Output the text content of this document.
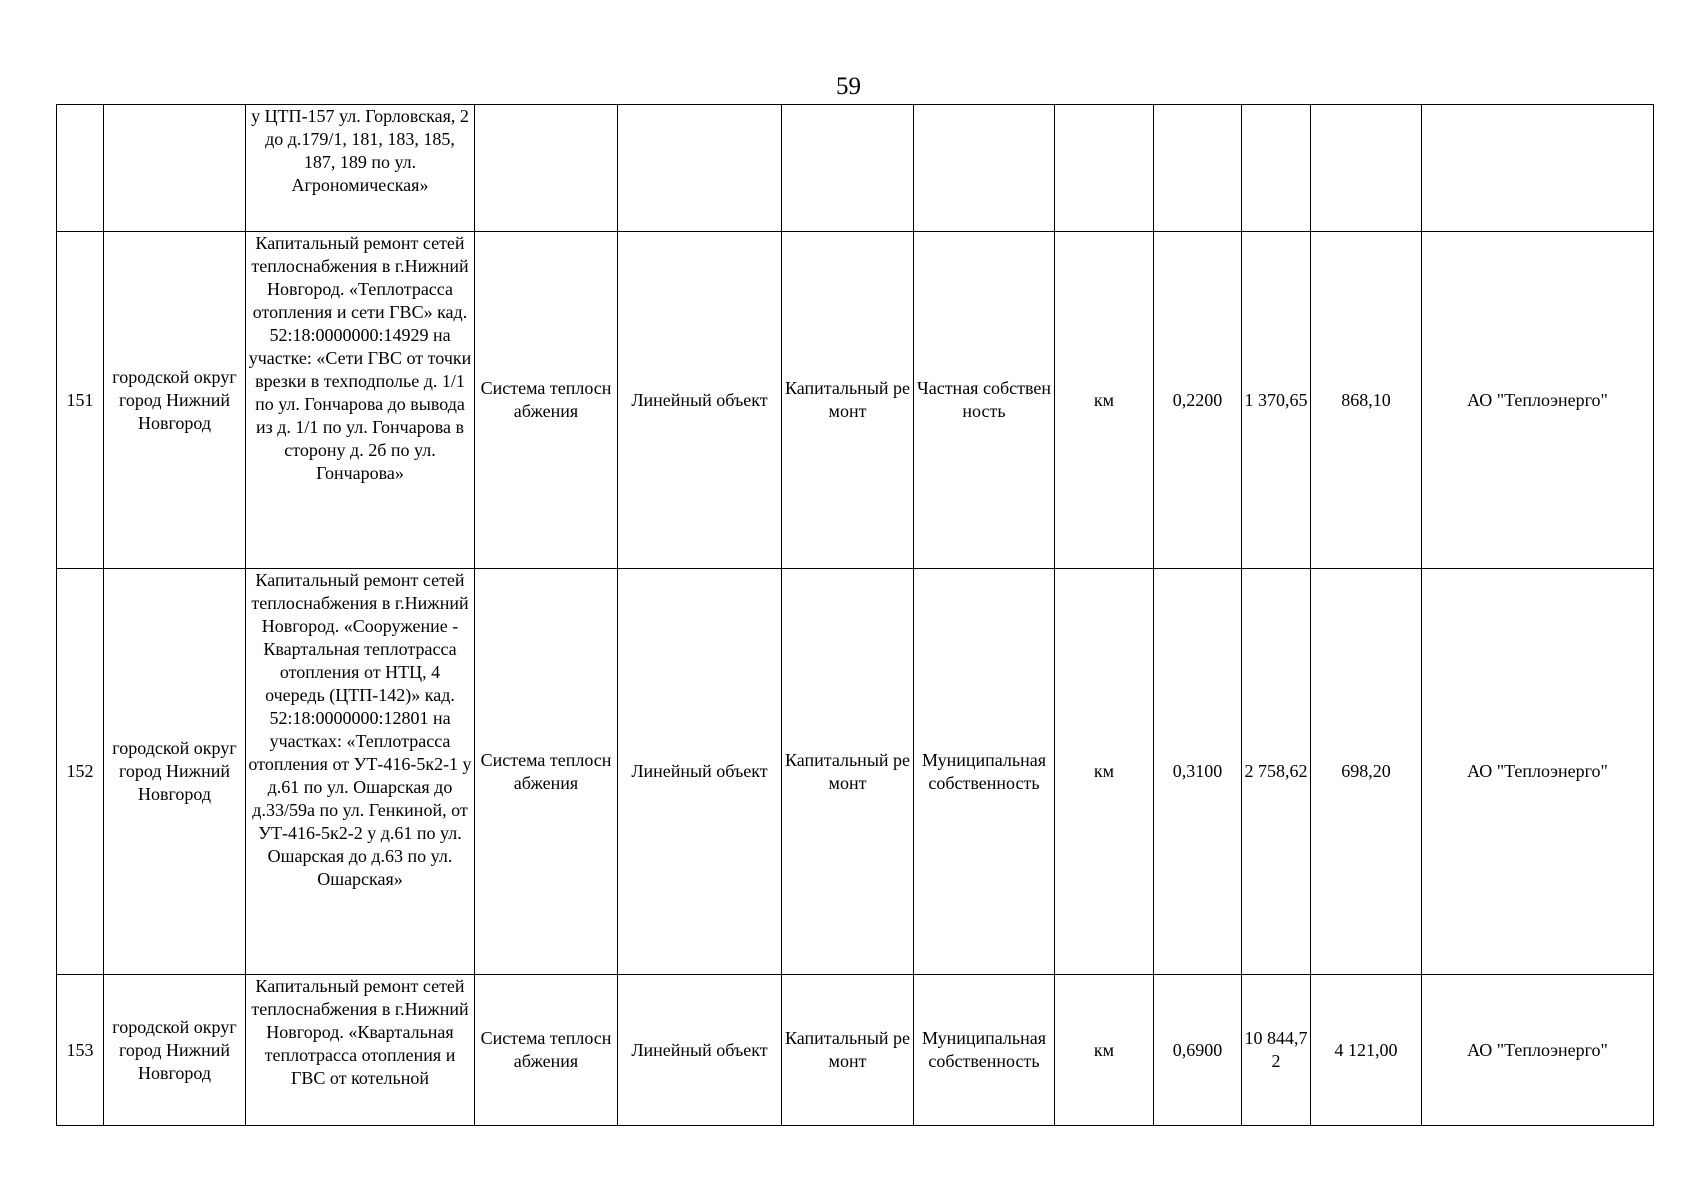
59
		у ЦТП-157 ул. Горловская, 2 до д.179/1, 181, 183, 185, 187, 189 по ул. Агрономическая»									
151	городской округ город Нижний Новгород	Капитальный ремонт сетей теплоснабжения в г.Нижний Новгород. «Теплотрасса отопления и сети ГВС» кад. 52:18:0000000:14929 на участке: «Сети ГВС от точки врезки в техподполье д. 1/1 по ул. Гончарова до вывода из д. 1/1 по ул. Гончарова в сторону д. 2б по ул. Гончарова»	Система теплоснабжения	Линейный объект	Капитальный ремонт	Частная собственность	км	0,2200	1 370,65	868,10	АО "Теплоэнерго"
152	городской округ город Нижний Новгород	Капитальный ремонт сетей теплоснабжения в г.Нижний Новгород. «Сооружение - Квартальная теплотрасса отопления от НТЦ, 4 очередь (ЦТП-142)» кад. 52:18:0000000:12801 на участках: «Теплотрасса отопления от УТ-416-5к2-1 у д.61 по ул. Ошарская до д.33/59а по ул. Генкиной, от УТ-416-5к2-2 у д.61 по ул. Ошарская до д.63 по ул. Ошарская»	Система теплоснабжения	Линейный объект	Капитальный ремонт	Муниципальная собственность	км	0,3100	2 758,62	698,20	АО "Теплоэнерго"
153	городской округ город Нижний Новгород	Капитальный ремонт сетей теплоснабжения в г.Нижний Новгород. «Квартальная теплотрасса отопления и ГВС от котельной	Система теплоснабжения	Линейный объект	Капитальный ремонт	Муниципальная собственность	км	0,6900	10 844,72	4 121,00	АО "Теплоэнерго"
